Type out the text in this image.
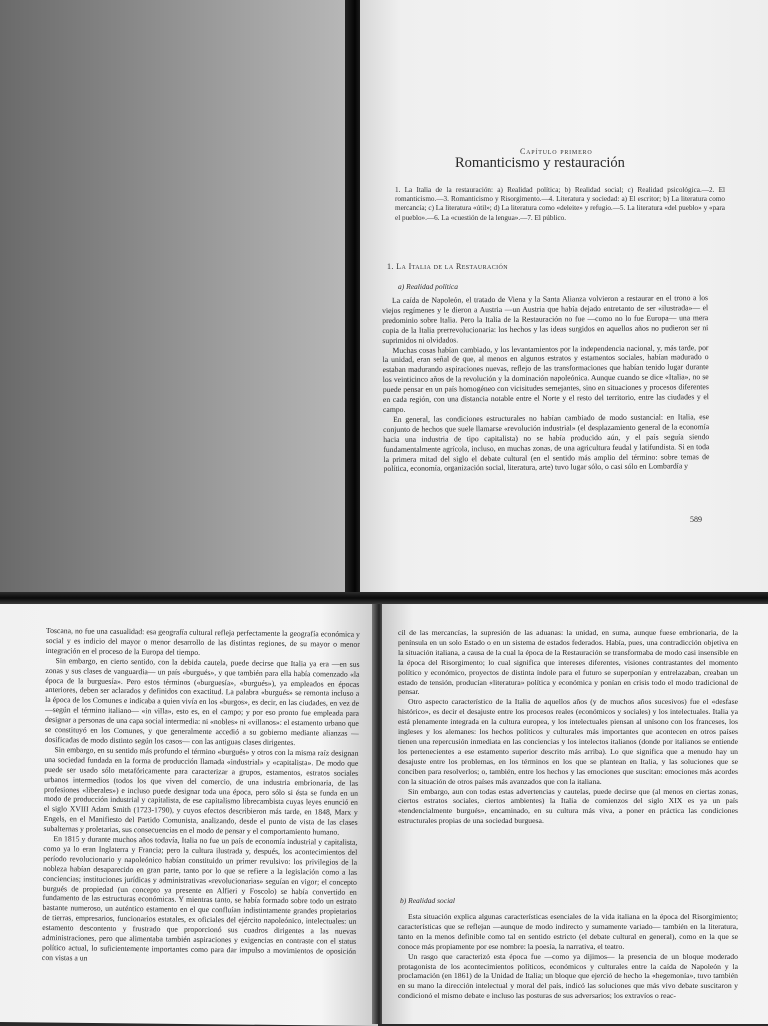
Capítulo primero
Romanticismo y restauración
1. La Italia de la restauración: a) Realidad política; b) Realidad social; c) Realidad psicológica.—2. El romanticismo.—3. Romanticismo y Risorgimento.—4. Literatura y sociedad: a) El escritor; b) La literatura como mercancía; c) La literatura «útil»; d) La literatura como «deleite» y refugio.—5. La literatura «del pueblo» y «para el pueblo».—6. La «cuestión de la lengua».—7. El público.
1. La Italia de la Restauración
a) Realidad política

La caída de Napoleón, el tratado de Viena y la Santa Alianza volvieron a restaurar en el trono a los viejos regímenes y le dieron a Austria —un Austria que había dejado entretanto de ser «ilustrada»— el predominio sobre Italia. Pero la Italia de la Restauración no fue —como no lo fue Europa— una mera copia de la Italia prerrevolucionaria: los hechos y las ideas surgidos en aquellos años no pudieron ser ni suprimidos ni olvidados.

Muchas cosas habían cambiado, y los levantamientos por la independencia nacional, y, más tarde, por la unidad, eran señal de que, al menos en algunos estratos y estamentos sociales, habían madurado o estaban madurando aspiraciones nuevas, reflejo de las transformaciones que habían tenido lugar durante los veinticinco años de la revolución y la dominación napoleónica. Aunque cuando se dice «Italia», no se puede pensar en un país homogéneo con vicisitudes semejantes, sino en situaciones y procesos diferentes en cada región, con una distancia notable entre el Norte y el resto del territorio, entre las ciudades y el campo.

En general, las condiciones estructurales no habían cambiado de modo sustancial: en Italia, ese conjunto de hechos que suele llamarse «revolución industrial» (el desplazamiento general de la economía hacia una industria de tipo capitalista) no se había producido aún, y el país seguía siendo fundamentalmente agrícola, incluso, en muchas zonas, de una agricultura feudal y latifundista. Si en toda la primera mitad del siglo el debate cultural (en el sentido más amplio del término: sobre temas de política, economía, organización social, literatura, arte) tuvo lugar sólo, o casi sólo en Lombardía y

589

Toscana, no fue una casualidad: esa geografía cultural refleja perfectamente la geografía económica y social y es indicio del mayor o menor desarrollo de las distintas regiones, de su mayor o menor integración en el proceso de la Europa del tiempo.

Sin embargo, en cierto sentido, con la debida cautela, puede decirse que Italia ya era —en sus zonas y sus clases de vanguardia— un país «burgués», y que también para ella había comenzado «la época de la burguesía». Pero estos términos («burguesía», «burgués»), ya empleados en épocas anteriores, deben ser aclarados y definidos con exactitud. La palabra «burgués» se remonta incluso a la época de los Comunes e indicaba a quien vivía en los «burgos», es decir, en las ciudades, en vez de —según el término italiano— «in villa», esto es, en el campo; y por eso pronto fue empleada para designar a personas de una capa social intermedia: ni «nobles» ni «villanos»: el estamento urbano que se constituyó en los Comunes, y que generalmente accedió a su gobierno mediante alianzas —dosificadas de modo distinto según los casos— con las antiguas clases dirigentes.

Sin embargo, en su sentido más profundo el término «burgués» y otros con la misma raíz designan una sociedad fundada en la forma de producción llamada «industrial» y «capitalista». De modo que puede ser usado sólo metafóricamente para caracterizar a grupos, estamentos, estratos sociales urbanos intermedios (todos los que viven del comercio, de una industria embrionaria, de las profesiones «liberales») e incluso puede designar toda una época, pero sólo si ésta se funda en un modo de producción industrial y capitalista, de ese capitalismo librecambista cuyas leyes enunció en el siglo XVIII Adam Smith (1723-1790), y cuyos efectos describieron más tarde, en 1848, Marx y Engels, en el Manifiesto del Partido Comunista, analizando, desde el punto de vista de las clases subalternas y proletarias, sus consecuencias en el modo de pensar y el comportamiento humano.

En 1815 y durante muchos años todavía, Italia no fue un país de economía industrial y capitalista, como ya lo eran Inglaterra y Francia; pero la cultura ilustrada y, después, los acontecimientos del período revolucionario y napoleónico habían constituido un primer revulsivo: los privilegios de la nobleza habían desaparecido en gran parte, tanto por lo que se refiere a la legislación como a las conciencias; instituciones jurídicas y administrativas «revolucionarias» seguían en vigor; el concepto burgués de propiedad (un concepto ya presente en Alfieri y Foscolo) se había convertido en fundamento de las estructuras económicas. Y mientras tanto, se había formado sobre todo un estrato bastante numeroso, un auténtico estamento en el que confluían indistintamente grandes propietarios de tierras, empresarios, funcionarios estatales, ex oficiales del ejército napoleónico, intelectuales: un estamento descontento y frustrado que proporcionó sus cuadros dirigentes a las nuevas administraciones, pero que alimentaba también aspiraciones y exigencias en contraste con el status político actual, lo suficientemente importantes como para dar impulso a movimientos de oposición con vistas a un

cil de las mercancías, la supresión de las aduanas: la unidad, en suma, aunque fuese embrionaria, de la península en un solo Estado o en un sistema de estados federados. Había, pues, una contradicción objetiva en la situación italiana, a causa de la cual la época de la Restauración se transformaba de modo casi insensible en la época del Risorgimento; lo cual significa que intereses diferentes, visiones contrastantes del momento político y económico, proyectos de distinta índole para el futuro se superponían y entrelazaban, creaban un estado de tensión, producían «literatura» política y económica y ponían en crisis todo el modo tradicional de pensar.

Otro aspecto característico de la Italia de aquellos años (y de muchos años sucesivos) fue el «desfase histórico», es decir el desajuste entre los procesos reales (económicos y sociales) y los intelectuales. Italia ya está plenamente integrada en la cultura europea, y los intelectuales piensan al unísono con los franceses, los ingleses y los alemanes: los hechos políticos y culturales más importantes que acontecen en otros países tienen una repercusión inmediata en las conciencias y los intelectos italianos (donde por italianos se entiende los pertenecientes a ese estamento superior descrito más arriba). Lo que significa que a menudo hay un desajuste entre los problemas, en los términos en los que se plantean en Italia, y las soluciones que se conciben para resolverlos; o, también, entre los hechos y las emociones que suscitan: emociones más acordes con la situación de otros países más avanzados que con la italiana.

Sin embargo, aun con todas estas advertencias y cautelas, puede decirse que (al menos en ciertas zonas, ciertos estratos sociales, ciertos ambientes) la Italia de comienzos del siglo XIX es ya un país «tendencialmente burgués», encaminado, en su cultura más viva, a poner en práctica las condiciones estructurales propias de una sociedad burguesa.

b) Realidad social

Esta situación explica algunas características esenciales de la vida italiana en la época del Risorgimiento; características que se reflejan —aunque de modo indirecto y sumamente variado— también en la literatura, tanto en la menos definible como tal en sentido estricto (el debate cultural en general), como en la que se conoce más propiamente por ese nombre: la poesía, la narrativa, el teatro.

Un rasgo que caracterizó esta época fue —como ya dijimos— la presencia de un bloque moderado protagonista de los acontecimientos políticos, económicos y culturales entre la caída de Napoleón y la proclamación (en 1861) de la Unidad de Italia; un bloque que ejerció de hecho la «hegemonía», tuvo también en su mano la dirección intelectual y moral del país, indicó las soluciones que más vivo debate suscitaron y condicionó el mismo debate e incluso las posturas de sus adversarios; los extravíos o reac-
